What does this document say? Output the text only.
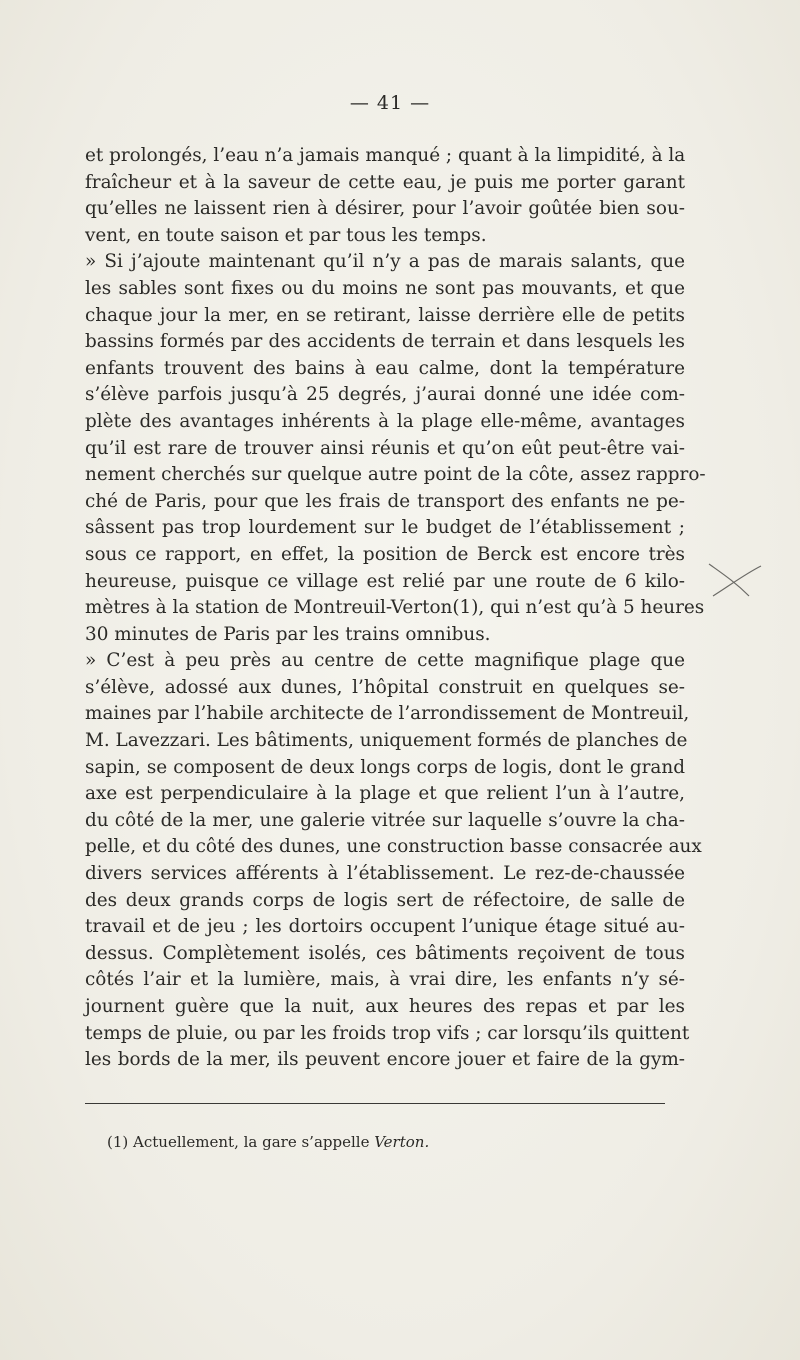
— 41 —
et prolongés, l’eau n’a jamais manqué ; quant à la limpidité, à la
fraîcheur et à la saveur de cette eau, je puis me porter garant
qu’elles ne laissent rien à désirer, pour l’avoir goûtée bien sou-
vent, en toute saison et par tous les temps.
» Si j’ajoute maintenant qu’il n’y a pas de marais salants, que
les sables sont fixes ou du moins ne sont pas mouvants, et que
chaque jour la mer, en se retirant, laisse derrière elle de petits
bassins formés par des accidents de terrain et dans lesquels les
enfants trouvent des bains à eau calme, dont la température
s’élève parfois jusqu’à 25 degrés, j’aurai donné une idée com-
plète des avantages inhérents à la plage elle-même, avantages
qu’il est rare de trouver ainsi réunis et qu’on eût peut-être vai-
nement cherchés sur quelque autre point de la côte, assez rappro-
ché de Paris, pour que les frais de transport des enfants ne pe-
sâssent pas trop lourdement sur le budget de l’établissement ;
sous ce rapport, en effet, la position de Berck est encore très
heureuse, puisque ce village est relié par une route de 6 kilo-
mètres à la station de Montreuil-Verton(1), qui n’est qu’à 5 heures
30 minutes de Paris par les trains omnibus.
» C’est à peu près au centre de cette magnifique plage que
s’élève, adossé aux dunes, l’hôpital construit en quelques se-
maines par l’habile architecte de l’arrondissement de Montreuil,
M. Lavezzari. Les bâtiments, uniquement formés de planches de
sapin, se composent de deux longs corps de logis, dont le grand
axe est perpendiculaire à la plage et que relient l’un à l’autre,
du côté de la mer, une galerie vitrée sur laquelle s’ouvre la cha-
pelle, et du côté des dunes, une construction basse consacrée aux
divers services afférents à l’établissement. Le rez-de-chaussée
des deux grands corps de logis sert de réfectoire, de salle de
travail et de jeu ; les dortoirs occupent l’unique étage situé au-
dessus. Complètement isolés, ces bâtiments reçoivent de tous
côtés l’air et la lumière, mais, à vrai dire, les enfants n’y sé-
journent guère que la nuit, aux heures des repas et par les
temps de pluie, ou par les froids trop vifs ; car lorsqu’ils quittent
les bords de la mer, ils peuvent encore jouer et faire de la gym-
(1) Actuellement, la gare s’appelle Verton.
